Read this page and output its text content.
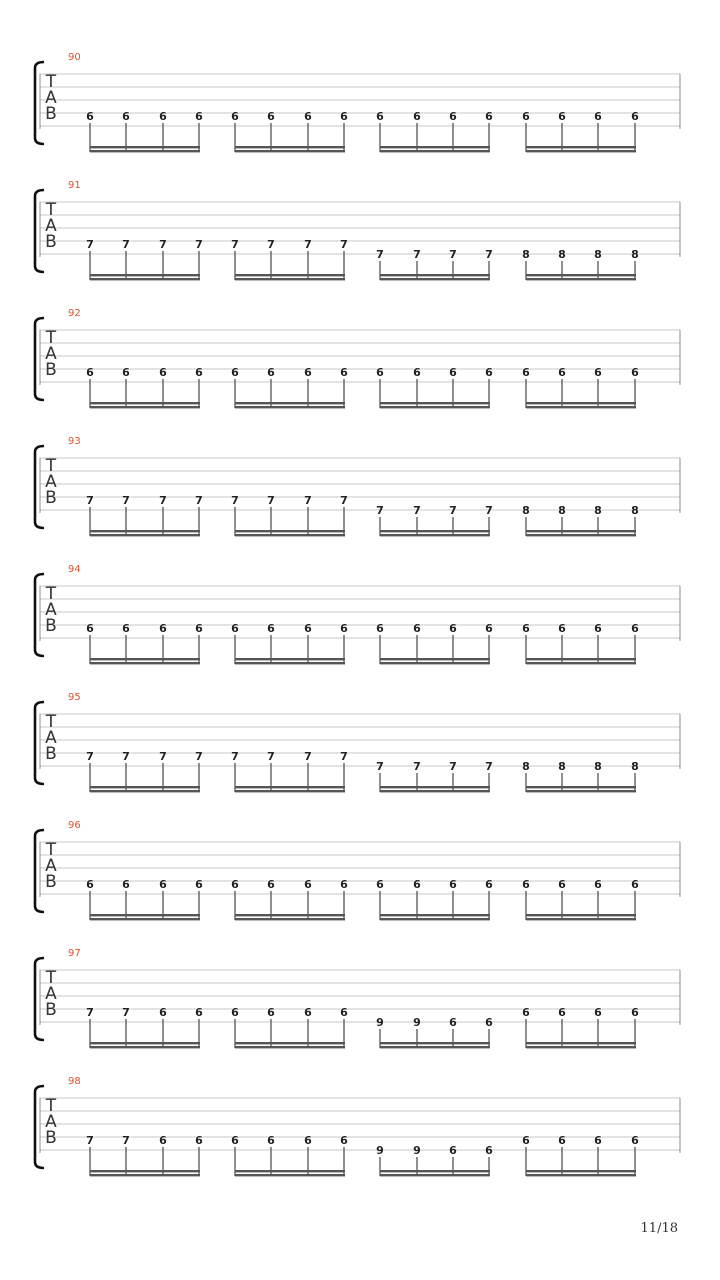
90
T
A
B	6	6	6	6	6	6	6	6	6	6	6	6	6	6	6	6
91
T
A
B	7	7	7	7	7	7	7	7
7	7	7	7	8	8	8	8
92
T
A
B	6	6	6	6	6	6	6	6	6	6	6	6	6	6	6	6
93
T
A
B	7	7	7	7	7	7	7	7
7	7	7	7	8	8	8	8
94
T
A
B	6	6	6	6	6	6	6	6	6	6	6	6	6	6	6	6
95
T
A
B	7	7	7	7	7	7	7	7
7	7	7	7	8	8	8	8
96
T
A
B	6	6	6	6	6	6	6	6	6	6	6	6	6	6	6	6
97
T
A
B	7	7	6	6	6	6	6	6
9	9	6	6
6	6	6	6
98
T
A
B	7	7	6	6	6	6	6	6
9	9	6	6
6	6	6	6
11/18
